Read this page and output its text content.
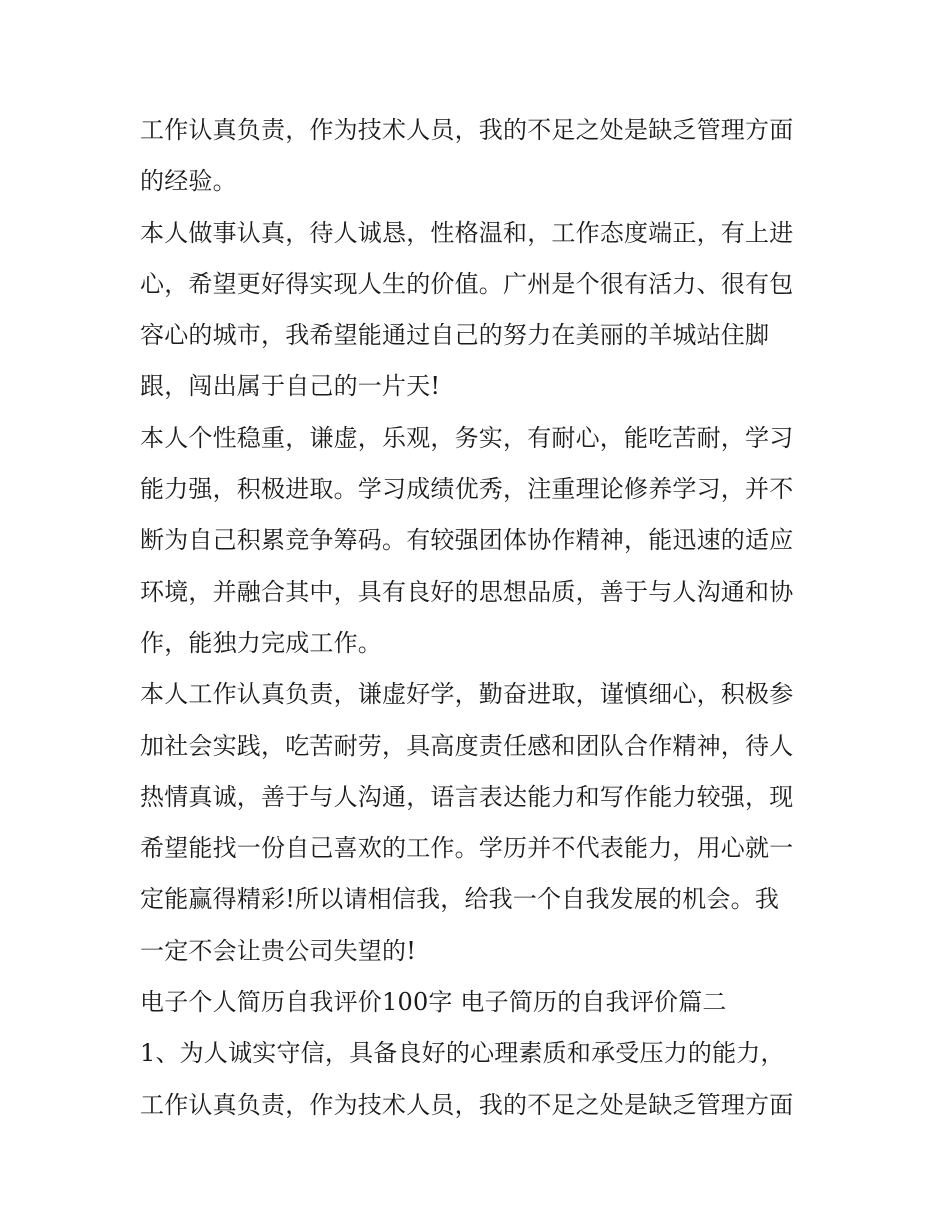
工作认真负责，作为技术人员，我的不足之处是缺乏管理方面
的经验。
本人做事认真，待人诚恳，性格温和，工作态度端正，有上进
心，希望更好得实现人生的价值。广州是个很有活力、很有包
容心的城市，我希望能通过自己的努力在美丽的羊城站住脚
跟，闯出属于自己的一片天!
本人个性稳重，谦虚，乐观，务实，有耐心，能吃苦耐，学习
能力强，积极进取。学习成绩优秀，注重理论修养学习，并不
断为自己积累竞争筹码。有较强团体协作精神，能迅速的适应
环境，并融合其中，具有良好的思想品质，善于与人沟通和协
作，能独力完成工作。
本人工作认真负责，谦虚好学，勤奋进取，谨慎细心，积极参
加社会实践，吃苦耐劳，具高度责任感和团队合作精神，待人
热情真诚，善于与人沟通，语言表达能力和写作能力较强，现
希望能找一份自己喜欢的工作。学历并不代表能力，用心就一
定能赢得精彩!所以请相信我，给我一个自我发展的机会。我
一定不会让贵公司失望的!
电子个人简历自我评价100字 电子简历的自我评价篇二
1、为人诚实守信，具备良好的心理素质和承受压力的能力，
工作认真负责，作为技术人员，我的不足之处是缺乏管理方面
